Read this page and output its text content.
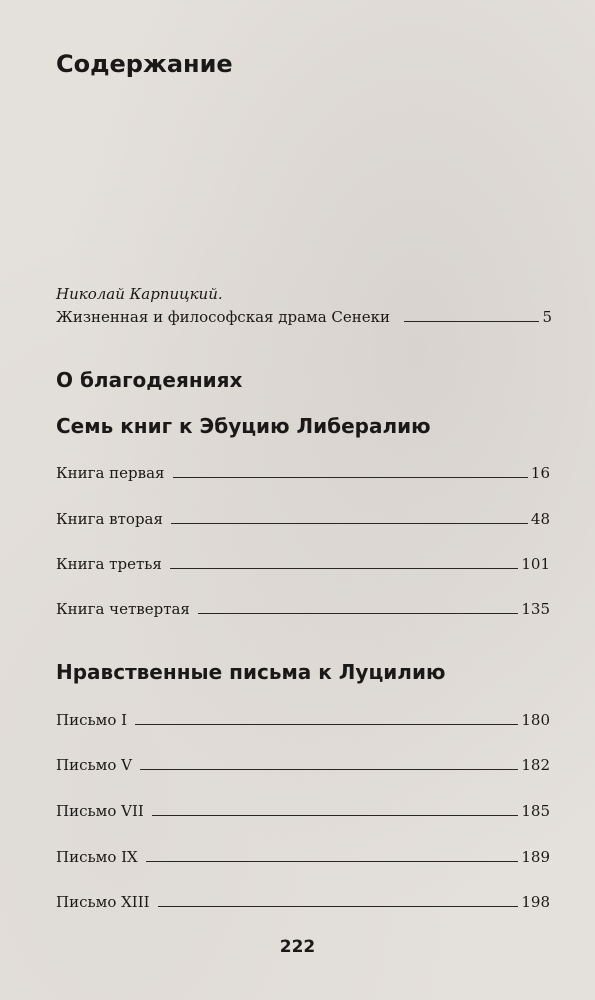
Содержание
Николай Карпицкий.
Жизненная и философская драма Сенеки	5
О благодеяниях
Семь книг к Эбуцию Либералию
Книга первая	16
Книга вторая	48
Книга третья	101
Книга четвертая	135
Нравственные письма к Луцилию
Письмо I	180
Письмо V	182
Письмо VII	185
Письмо IX	189
Письмо XIII	198
222
